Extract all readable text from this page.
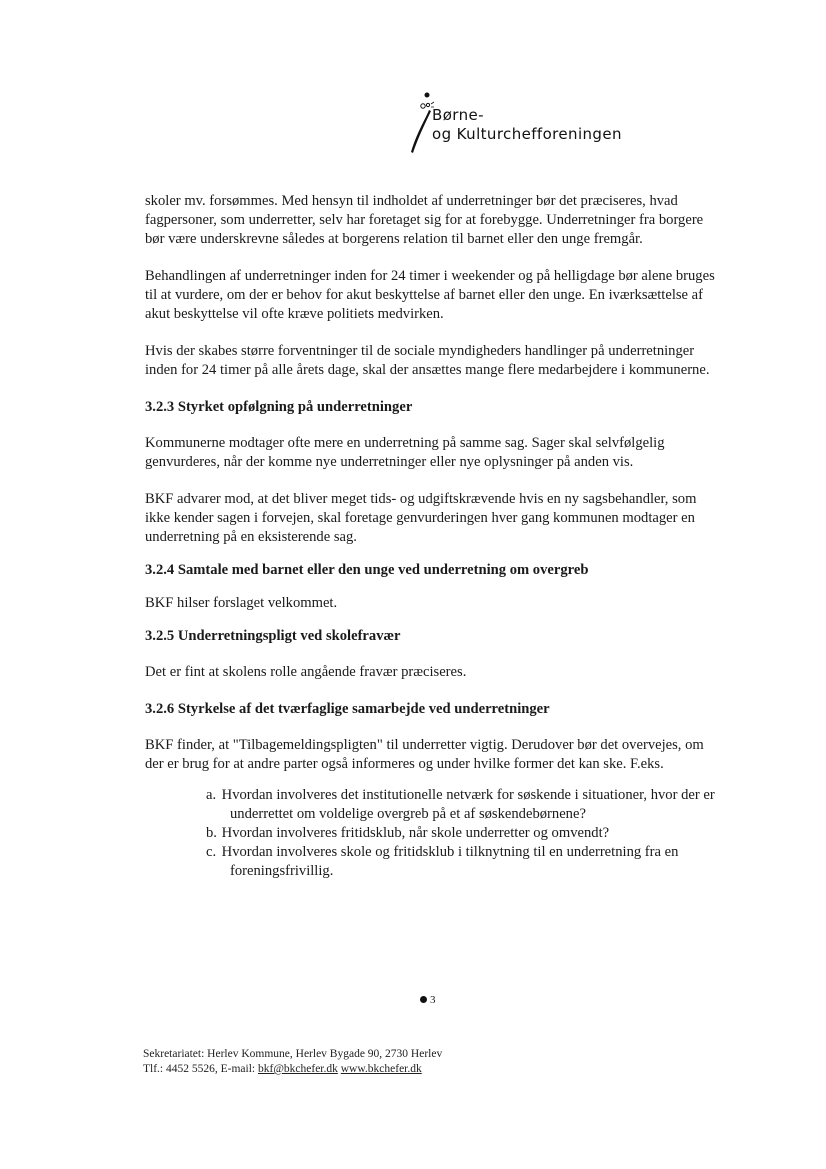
Børne-
og Kulturchefforeningen

skoler mv. forsømmes. Med hensyn til indholdet af underretninger bør det præciseres, hvad fagpersoner, som underretter, selv har foretaget sig for at forebygge. Underretninger fra borgere bør være underskrevne således at borgerens relation til barnet eller den unge fremgår.

Behandlingen af underretninger inden for 24 timer i weekender og på helligdage bør alene bruges til at vurdere, om der er behov for akut beskyttelse af barnet eller den unge. En iværksættelse af akut beskyttelse vil ofte kræve politiets medvirken.

Hvis der skabes større forventninger til de sociale myndigheders handlinger på underretninger inden for 24 timer på alle årets dage, skal der ansættes mange flere medarbejdere i kommunerne.

3.2.3 Styrket opfølgning på underretninger

Kommunerne modtager ofte mere en underretning på samme sag. Sager skal selvfølgelig genvurderes, når der komme nye underretninger eller nye oplysninger på anden vis.

BKF advarer mod, at det bliver meget tids- og udgiftskrævende hvis en ny sagsbehandler, som ikke kender sagen i forvejen, skal foretage genvurderingen hver gang kommunen modtager en underretning på en eksisterende sag.

3.2.4 Samtale med barnet eller den unge ved underretning om overgreb

BKF hilser forslaget velkommet.

3.2.5 Underretningspligt ved skolefravær

Det er fint at skolens rolle angående fravær præciseres.

3.2.6 Styrkelse af det tværfaglige samarbejde ved underretninger

BKF finder, at "Tilbagemeldingspligten" til underretter vigtig. Derudover bør det overvejes, om der er brug for at andre parter også informeres og under hvilke former det kan ske. F.eks.

a. Hvordan involveres det institutionelle netværk for søskende i situationer, hvor der er underrettet om voldelige overgreb på et af søskendebørnene?
b. Hvordan involveres fritidsklub, når skole underretter og omvendt?
c. Hvordan involveres skole og fritidsklub i tilknytning til en underretning fra en foreningsfrivillig.
3
Sekretariatet: Herlev Kommune, Herlev Bygade 90, 2730 Herlev
Tlf.: 4452 5526, E-mail: bkf@bkchefer.dk www.bkchefer.dk
